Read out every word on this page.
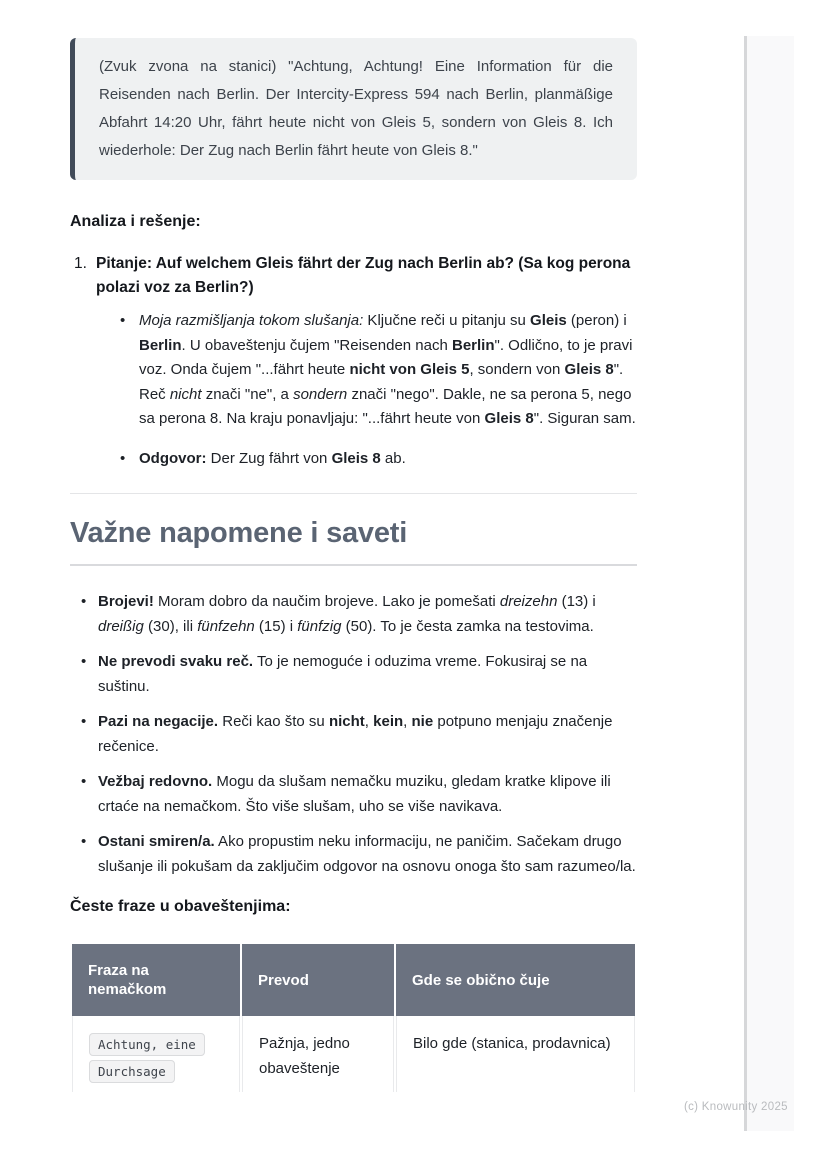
(Zvuk zvona na stanici) "Achtung, Achtung! Eine Information für die Reisenden nach Berlin. Der Intercity-Express 594 nach Berlin, planmäßige Abfahrt 14:20 Uhr, fährt heute nicht von Gleis 5, sondern von Gleis 8. Ich wiederhole: Der Zug nach Berlin fährt heute von Gleis 8."

Analiza i rešenje:
1. Pitanje: Auf welchem Gleis fährt der Zug nach Berlin ab? (Sa kog perona polazi voz za Berlin?)

• Moja razmišljanja tokom slušanja: Ključne reči u pitanju su Gleis (peron) i Berlin. U obaveštenju čujem "Reisenden nach Berlin". Odlično, to je pravi voz. Onda čujem "...fährt heute nicht von Gleis 5, sondern von Gleis 8". Reč nicht znači "ne", a sondern znači "nego". Dakle, ne sa perona 5, nego sa perona 8. Na kraju ponavljaju: "...fährt heute von Gleis 8". Siguran sam.
• Odgovor: Der Zug fährt von Gleis 8 ab.
Važne napomene i saveti
• Brojevi! Moram dobro da naučim brojeve. Lako je pomešati dreizehn (13) i dreißig (30), ili fünfzehn (15) i fünfzig (50). To je česta zamka na testovima.
• Ne prevodi svaku reč. To je nemoguće i oduzima vreme. Fokusiraj se na suštinu.
• Pazi na negacije. Reči kao što su nicht, kein, nie potpuno menjaju značenje rečenice.
• Vežbaj redovno. Mogu da slušam nemačku muziku, gledam kratke klipove ili crtaće na nemačkom. Što više slušam, uho se više navikava.
• Ostani smiren/a. Ako propustim neku informaciju, ne paničim. Sačekam drugo slušanje ili pokušam da zaključim odgovor na osnovu onoga što sam razumeo/la.
Česte fraze u obaveštenjima:
Fraza na nemačkom	Prevod	Gde se obično čuje
Achtung, eine Durchsage	Pažnja, jedno obaveštenje	Bilo gde (stanica, prodavnica)
(c) Knowunity 2025
